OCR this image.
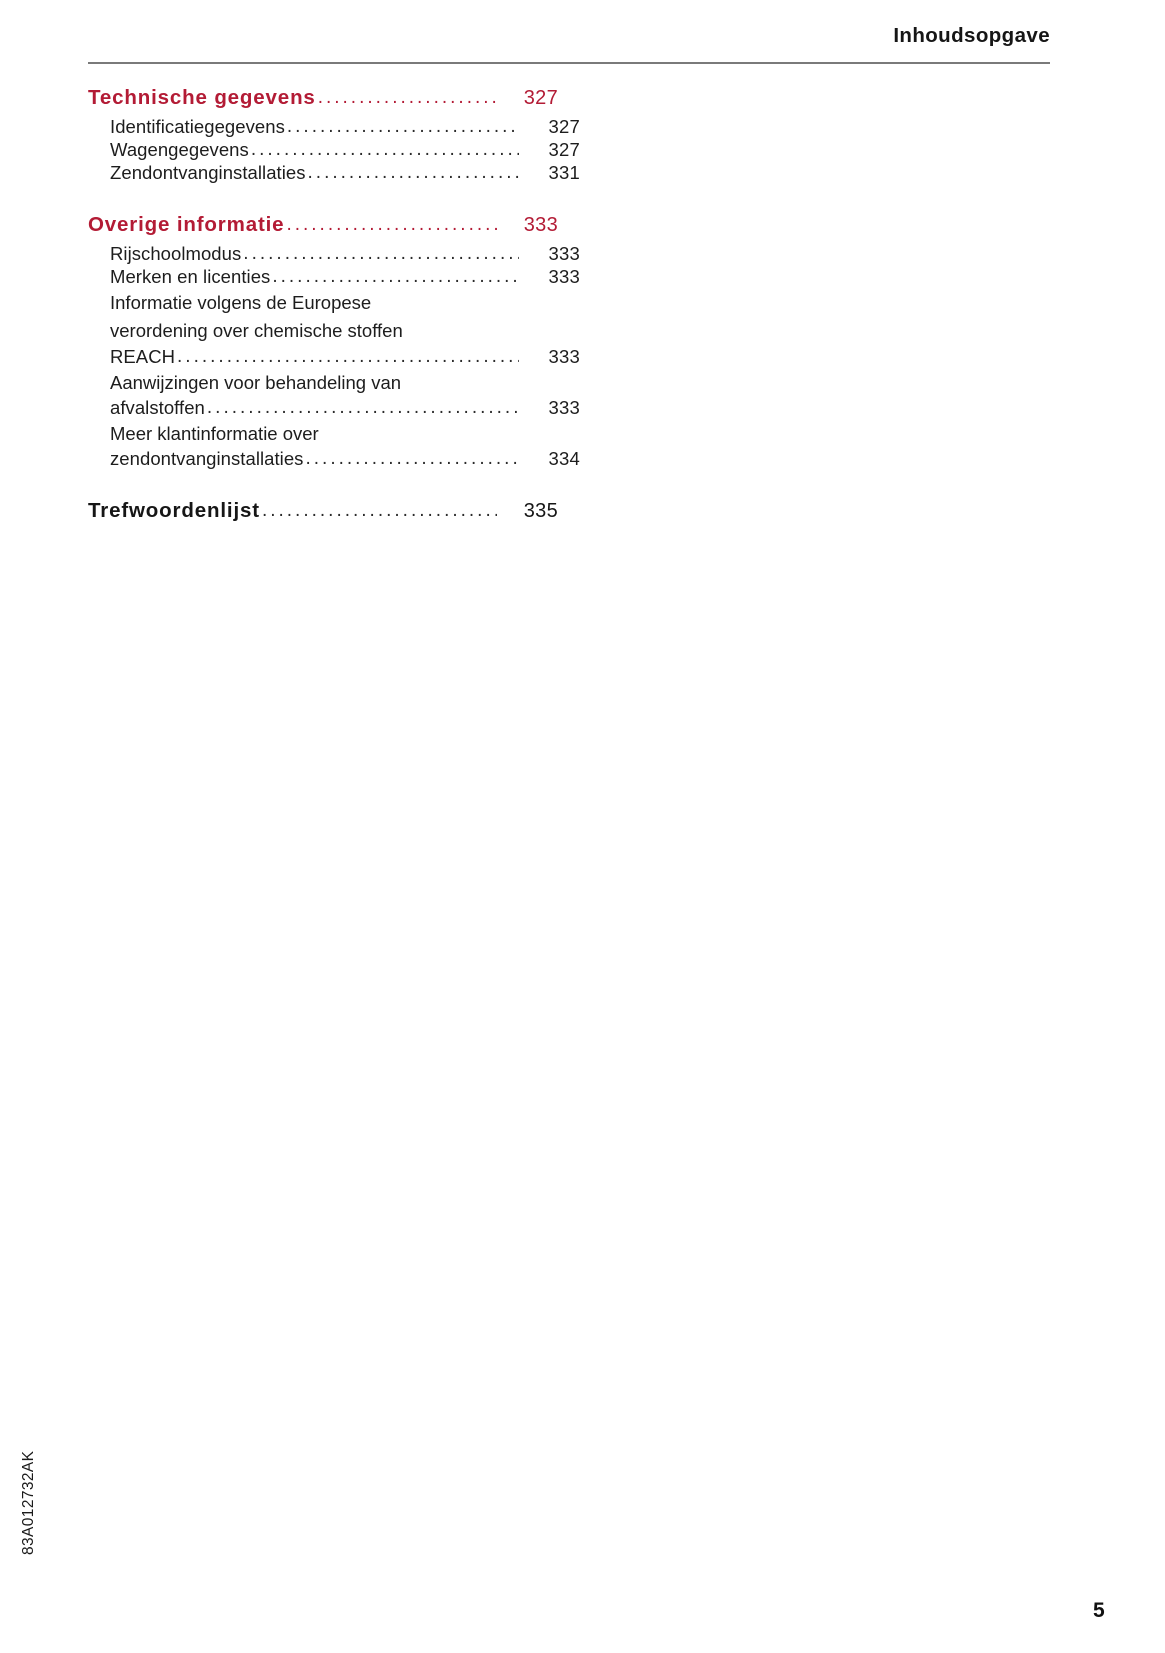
Inhoudsopgave
Technische gegevens .....	327
Identificatiegegevens .....	327
Wagengegevens .....	327
Zendontvanginstallaties .....	331
Overige informatie .....	333
Rijschoolmodus .....	333
Merken en licenties .....	333
Informatie volgens de Europese
verordening over chemische stoffen
REACH .....	333
Aanwijzingen voor behandeling van
afvalstoffen .....	333
Meer klantinformatie over
zendontvanginstallaties .....	334
Trefwoordenlijst .....	335
83A012732AK
5
